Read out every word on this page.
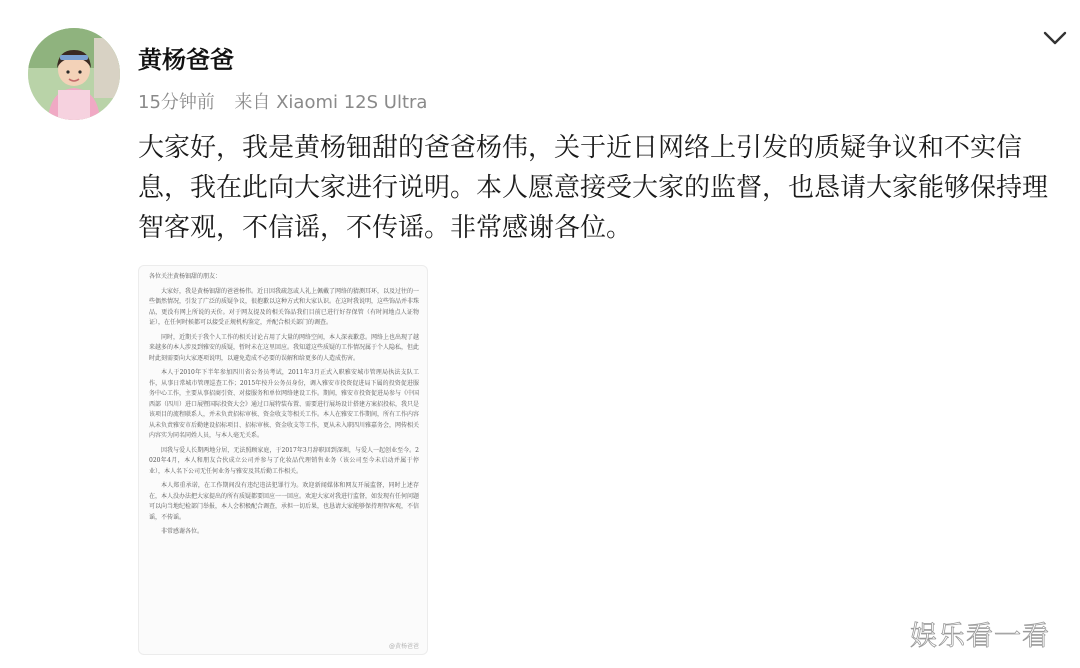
黄杨爸爸
15分钟前 来自 Xiaomi 12S Ultra
大家好，我是黄杨钿甜的爸爸杨伟，关于近日网络上引发的质疑争议和不实信息，我在此向大家进行说明。本人愿意接受大家的监督，也恳请大家能够保持理智客观，不信谣，不传谣。非常感谢各位。

各位关注黄杨钿甜的朋友：

大家好，我是黄杨钿甜的爸爸杨伟。近日因我疏忽或人礼上佩戴了网络的猜测耳环，以及过往的一些偶然情况，引发了广泛的质疑争议，很抱歉以这种方式和大家认识。在这时我说明，这些饰品并非珠品，更没有网上所说的天价。对于网友提及的相关饰品我们目前已进行好存保管（有时间地点人证物证），在任何时候都可以接受正规机构鉴定，并配合相关部门的调查。

同时，近期关于我个人工作的相关讨论占用了大量的网络空间，本人深表歉意。网络上也出现了越来越多的本人涉及到雅安的质疑，暂时未在这里回应。我知道这些质疑的工作情况属于个人隐私，但此时此刻需要向大家逐项说明，以避免造成不必要的误解和给更多的人造成伤害。

本人于2010年下半年参加四川省公务员考试，2011年3月正式入职雅安城市管理局执法支队工作，从事日常城市管理巡查工作；2015年按升公务员身份，调入雅安市投资促进局下属的投资促进服务中心工作，主要从事招商引资、对接服务和单位网络建设工作。期间，雅安市投资促进局参与《中国西部（四川）进口展暨国际投资大会》通过口展特装布置、需要进行展场设计搭建方案招投标，我只是该项目的流程联系人，并未负责招标审核、资金收支等相关工作。本人在雅安工作期间，所有工作内容从未负责雅安市后勤建设招标项目、招标审核、资金收支等工作，更从未入职四川雅嘉务会，网传相关内容实为同名同姓人员，与本人毫无关系。

因我与爱人长期两地分居，无法照顾家庭，于2017年3月辞职回到深圳，与爱人一起创业至今。2020年4月，本人和朋友合伙成立公司并参与了化妆品代理销售业务（该公司至今未启动并属于停业），本人名下公司无任何业务与雅安及其后勤工作相关。

本人郑重承诺，在工作期间没有违纪违法犯罪行为。欢迎新闻媒体和网友开展监督，同时上述存在，本人没办法把大家提出的所有质疑都要回应一一回应。欢迎大家对我进行监督，如发现有任何问题可以向当地纪检部门举报，本人会积极配合调查，承担一切后果，也恳请大家能够保持理智客观，不信谣，不传谣。

非常感谢各位。

@黄杨爸爸	娱乐看一看
